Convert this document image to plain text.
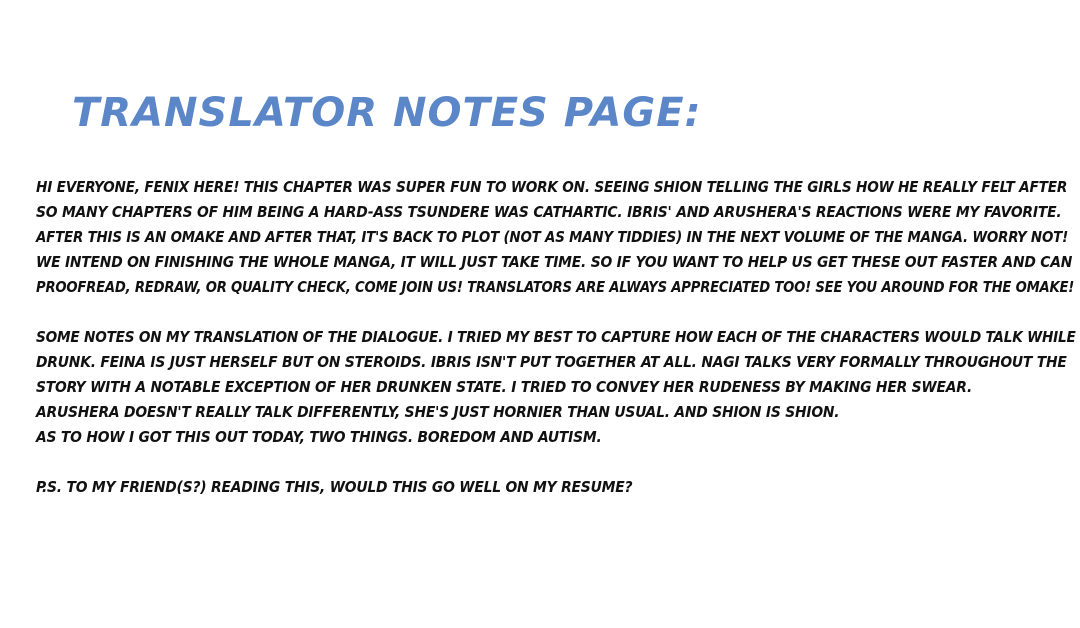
TRANSLATOR NOTES PAGE:
HI EVERYONE, FENIX HERE! THIS CHAPTER WAS SUPER FUN TO WORK ON. SEEING SHION TELLING THE GIRLS HOW HE REALLY FELT AFTER
SO MANY CHAPTERS OF HIM BEING A HARD-ASS TSUNDERE WAS CATHARTIC. IBRIS' AND ARUSHERA'S REACTIONS WERE MY FAVORITE.
AFTER THIS IS AN OMAKE AND AFTER THAT, IT'S BACK TO PLOT (NOT AS MANY TIDDIES) IN THE NEXT VOLUME OF THE MANGA. WORRY NOT!
WE INTEND ON FINISHING THE WHOLE MANGA, IT WILL JUST TAKE TIME. SO IF YOU WANT TO HELP US GET THESE OUT FASTER AND CAN
PROOFREAD, REDRAW, OR QUALITY CHECK, COME JOIN US! TRANSLATORS ARE ALWAYS APPRECIATED TOO! SEE YOU AROUND FOR THE OMAKE!
SOME NOTES ON MY TRANSLATION OF THE DIALOGUE. I TRIED MY BEST TO CAPTURE HOW EACH OF THE CHARACTERS WOULD TALK WHILE
DRUNK. FEINA IS JUST HERSELF BUT ON STEROIDS. IBRIS ISN'T PUT TOGETHER AT ALL. NAGI TALKS VERY FORMALLY THROUGHOUT THE
STORY WITH A NOTABLE EXCEPTION OF HER DRUNKEN STATE. I TRIED TO CONVEY HER RUDENESS BY MAKING HER SWEAR.
ARUSHERA DOESN'T REALLY TALK DIFFERENTLY, SHE'S JUST HORNIER THAN USUAL. AND SHION IS SHION.
AS TO HOW I GOT THIS OUT TODAY, TWO THINGS. BOREDOM AND AUTISM.
P.S. TO MY FRIEND(S?) READING THIS, WOULD THIS GO WELL ON MY RESUME?
